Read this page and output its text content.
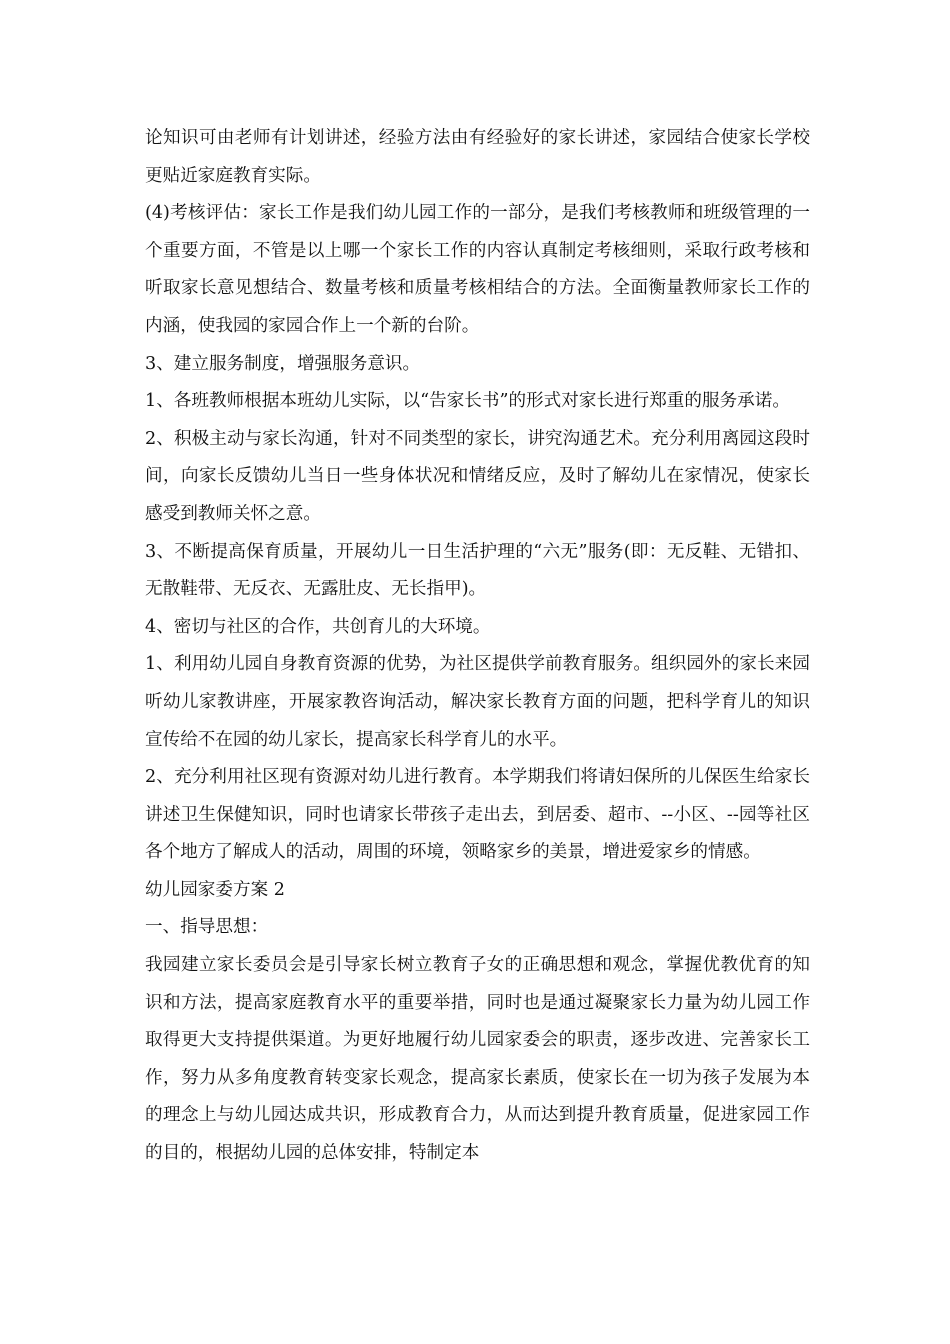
论知识可由老师有计划讲述，经验方法由有经验好的家长讲述，家园结合使家长学校更贴近家庭教育实际。

(4)考核评估：家长工作是我们幼儿园工作的一部分，是我们考核教师和班级管理的一个重要方面，不管是以上哪一个家长工作的内容认真制定考核细则，采取行政考核和听取家长意见想结合、数量考核和质量考核相结合的方法。全面衡量教师家长工作的内涵，使我园的家园合作上一个新的台阶。

3、建立服务制度，增强服务意识。

1、各班教师根据本班幼儿实际，以“告家长书”的形式对家长进行郑重的服务承诺。

2、积极主动与家长沟通，针对不同类型的家长，讲究沟通艺术。充分利用离园这段时间，向家长反馈幼儿当日一些身体状况和情绪反应，及时了解幼儿在家情况，使家长感受到教师关怀之意。

3、不断提高保育质量，开展幼儿一日生活护理的“六无”服务(即：无反鞋、无错扣、无散鞋带、无反衣、无露肚皮、无长指甲)。

4、密切与社区的合作，共创育儿的大环境。

1、利用幼儿园自身教育资源的优势，为社区提供学前教育服务。组织园外的家长来园听幼儿家教讲座，开展家教咨询活动，解决家长教育方面的问题，把科学育儿的知识宣传给不在园的幼儿家长，提高家长科学育儿的水平。

2、充分利用社区现有资源对幼儿进行教育。本学期我们将请妇保所的儿保医生给家长讲述卫生保健知识，同时也请家长带孩子走出去，到居委、超市、--小区、--园等社区各个地方了解成人的活动，周围的环境，领略家乡的美景，增进爱家乡的情感。

幼儿园家委方案 2

一、指导思想：

我园建立家长委员会是引导家长树立教育子女的正确思想和观念，掌握优教优育的知识和方法，提高家庭教育水平的重要举措，同时也是通过凝聚家长力量为幼儿园工作取得更大支持提供渠道。为更好地履行幼儿园家委会的职责，逐步改进、完善家长工作，努力从多角度教育转变家长观念，提高家长素质，使家长在一切为孩子发展为本的理念上与幼儿园达成共识，形成教育合力，从而达到提升教育质量，促进家园工作的目的，根据幼儿园的总体安排，特制定本
